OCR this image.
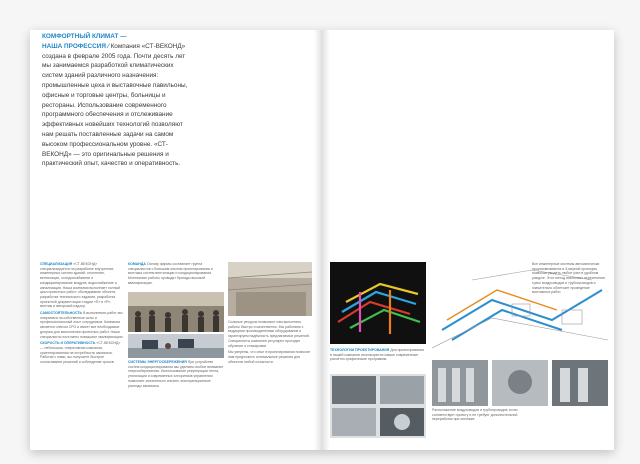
КОМФОРТНЫЙ КЛИМАТ —
НАША ПРОФЕССИЯ ⁄ Компания «СТ-ВЕКОНД» создана в феврале 2005 года. Почти десять лет мы занимаемся разработкой климатических систем зданий различного назначения: промышленные цеха и выставочные павильоны, офисные и торговые центры, больницы и рестораны. Использование современного программного обеспечения и отслеживание эффективных новейших технологий позволяют нам решать поставленные задачи на самом высоком профессиональном уровне. «СТ-ВЕКОНД» — это оригинальные решения и практический опыт, качество и оперативность.

СПЕЦИАЛИЗАЦИЯ «СТ-ВЕКОНД» специализируется на разработке внутренних инженерных систем зданий: отопление, вентиляция, холодоснабжение и кондиционирование воздуха, водоснабжение и канализация. Наша компания выполняет полный цикл проектных работ: обследование объекта, разработка технического задания, разработка проектной документации стадии «П» и «Р», монтаж и авторский надзор.

САМОСТОЯТЕЛЬНОСТЬ В выполнении работ мы опираемся на собственные силы и профессиональный опыт сотрудников. Компания является членом СРО и имеет все необходимые допуски для выполнения проектных работ. Наши специалисты постоянно повышают квалификацию.

СКОРОСТЬ И ОПЕРАТИВНОСТЬ «СТ-ВЕКОНД» — небольшая, оперативная компания, ориентированная на потребности заказчика. Работая с нами, вы получаете быстрое согласование решений и соблюдение сроков.

КОМАНДА Основу фирмы составляет группа специалистов с большим опытом проектирования и монтажа систем вентиляции и кондиционирования. Монтажные работы проводят бригады высокой квалификации.

СИСТЕМЫ ЭНЕРГОСБЕРЕЖЕНИЯ При устройстве систем кондиционирования мы уделяем особое внимание энергосбережению. Использование рекуперации тепла, утилизации и современных алгоритмов управления позволяет значительно снизить эксплуатационные расходы заказчика.

Сильные ресурсы позволяют нам выполнять работы быстро и качественно. Мы работаем с ведущими производителями оборудования и гарантируем надёжность предлагаемых решений. Специалисты компании регулярно проходят обучение и стажировки.

Мы уверены, что опыт в проектировании позволит нам предложить оптимальные решения для объектов любой сложности.

ТЕХНОЛОГИИ ПРОЕКТИРОВАНИЯ Для проектирования в нашей компании используются самые современные расчётно-графические программы.

Все инженерные системы автоматически прорисовываются в 3-мерной проекции, позволяя увидеть любое узел в удобном ракурсе. Этот метод исключает пересечения трасс воздуховодов и трубопроводов и значительно облегчает проведение монтажных работ.

Расположение воздуховодов и трубопроводов точно соответствует проекту и не требует дополнительной переработки при монтаже.
